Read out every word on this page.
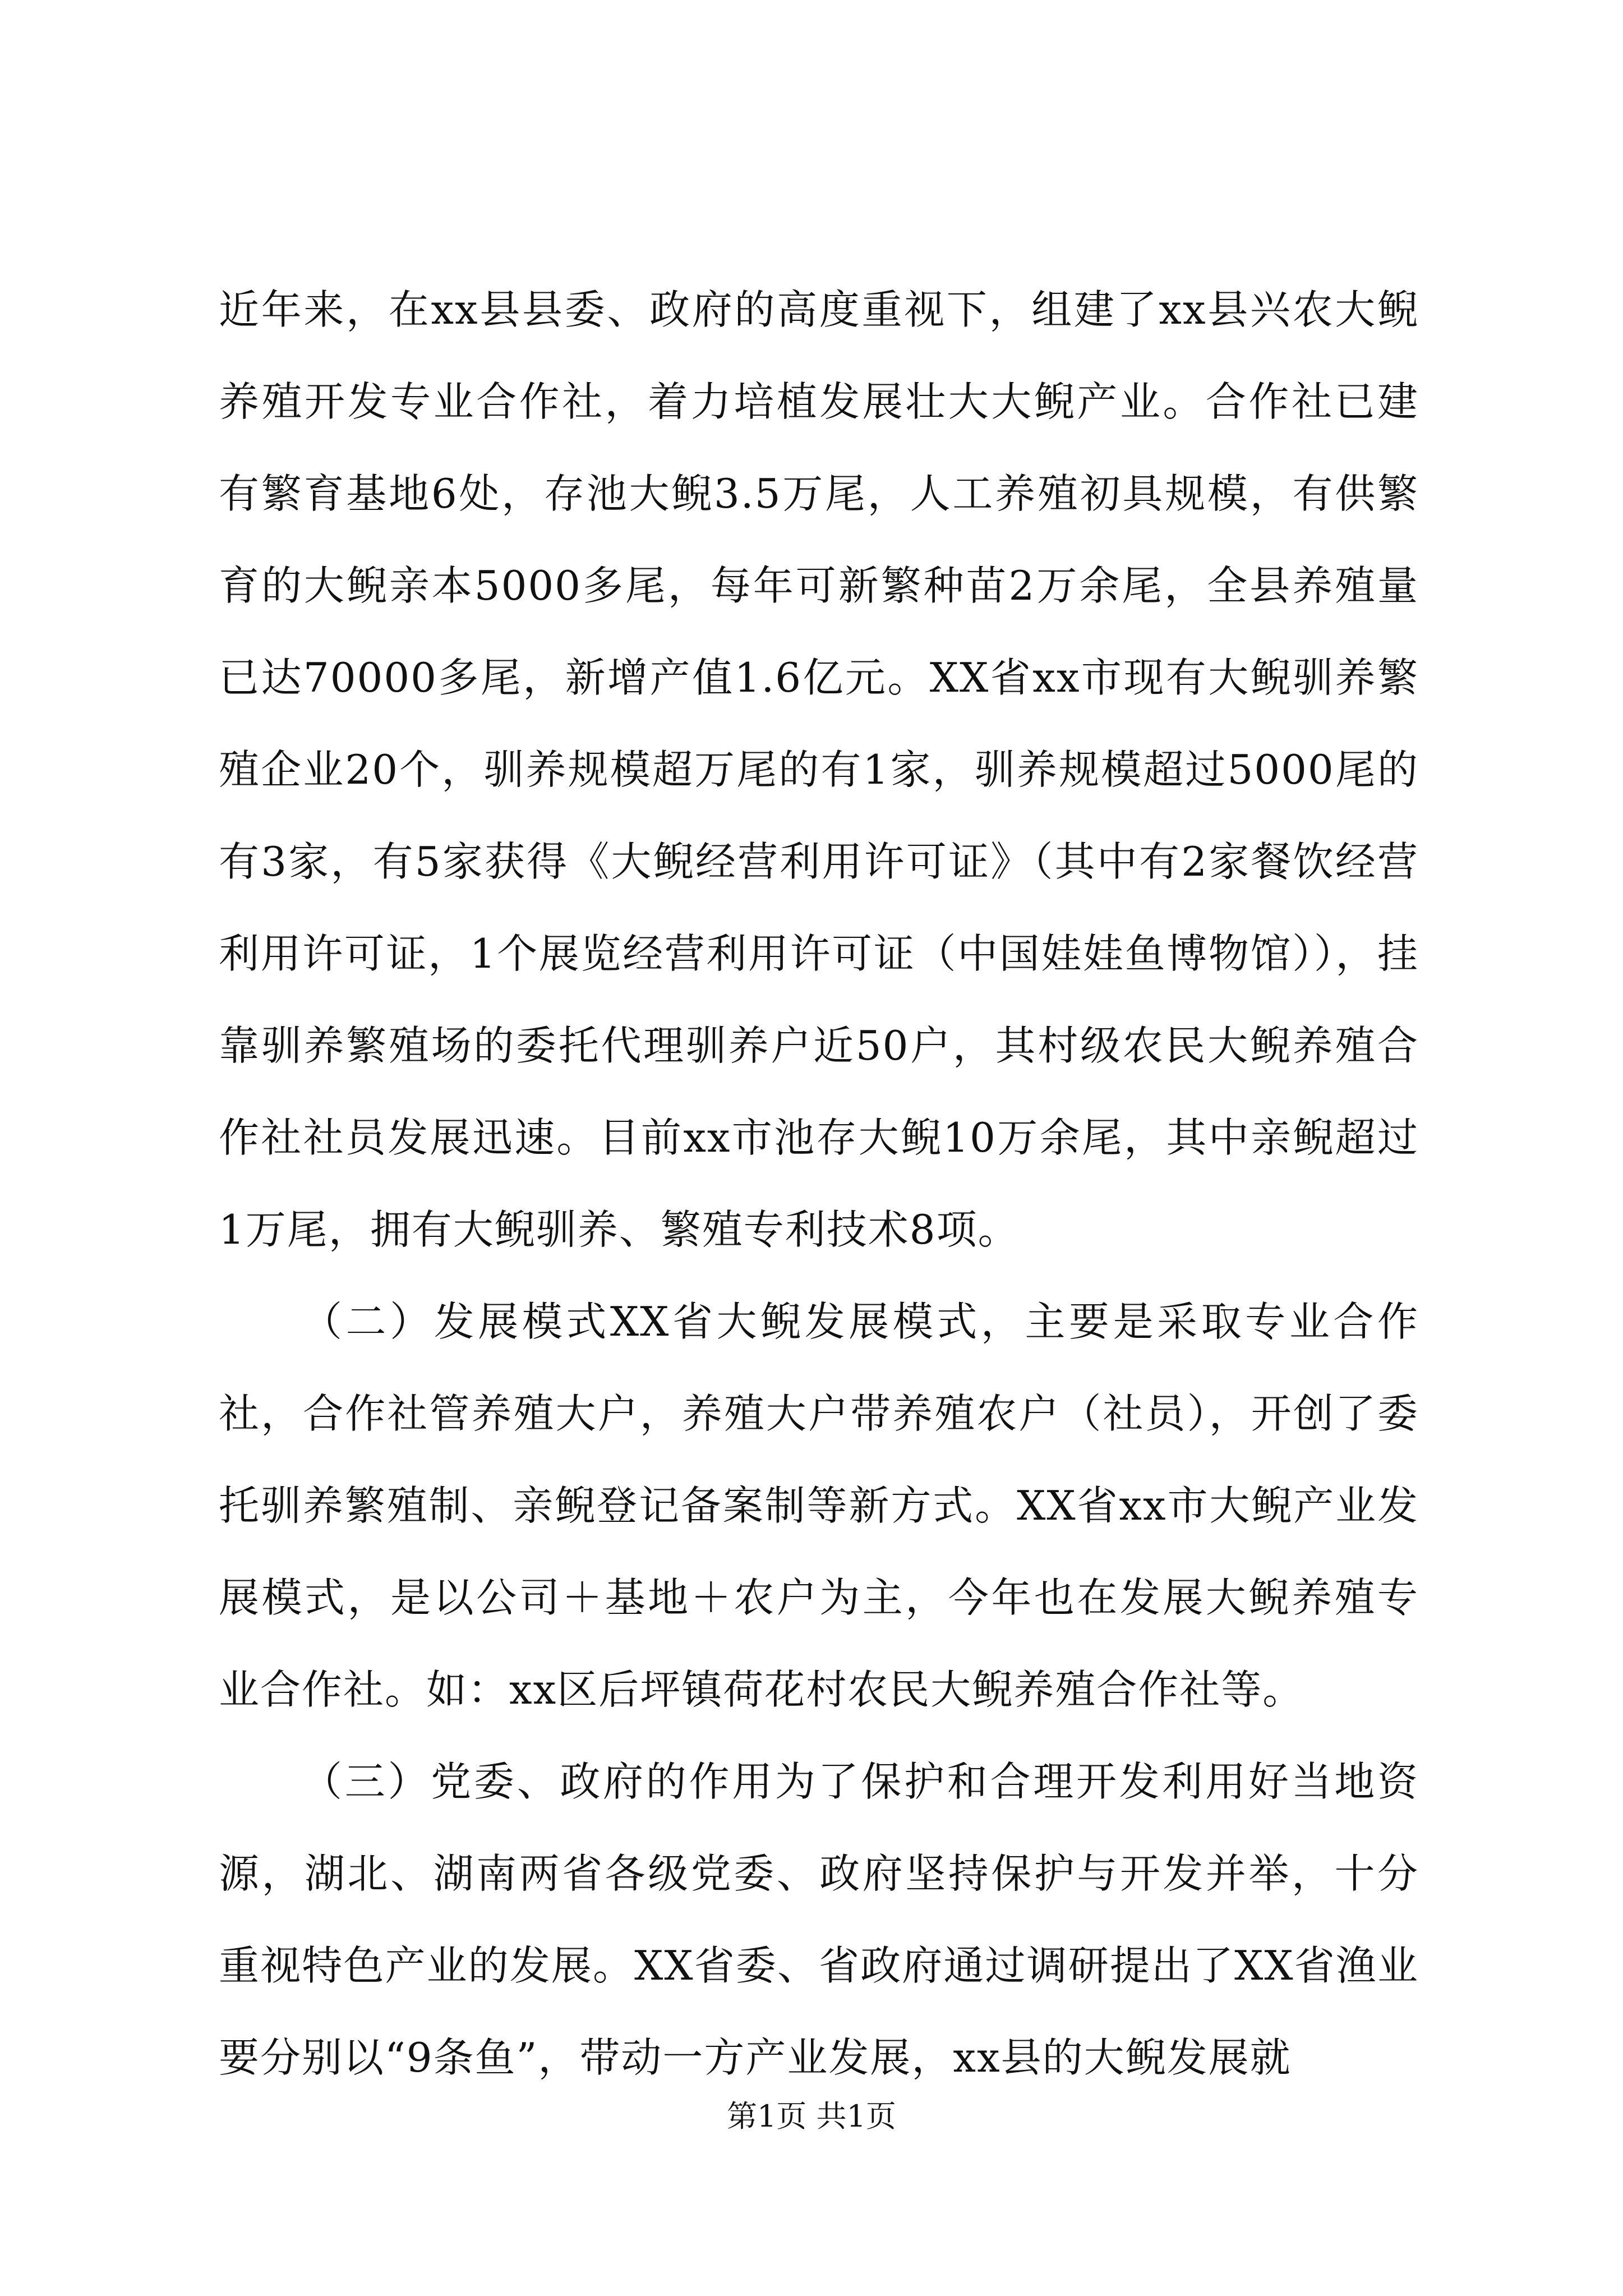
近年来，在xx县县委、政府的高度重视下，组建了xx县兴农大鲵养殖开发专业合作社，着力培植发展壮大大鲵产业。合作社已建有繁育基地6处，存池大鲵3.5万尾，人工养殖初具规模，有供繁育的大鲵亲本5000多尾，每年可新繁种苗2万余尾，全县养殖量已达70000多尾，新增产值1.6亿元。XX省xx市现有大鲵驯养繁殖企业20个，驯养规模超万尾的有1家，驯养规模超过5000尾的有3家，有5家获得《大鲵经营利用许可证》（其中有2家餐饮经营利用许可证，1个展览经营利用许可证（中国娃娃鱼博物馆）），挂靠驯养繁殖场的委托代理驯养户近50户，其村级农民大鲵养殖合作社社员发展迅速。目前xx市池存大鲵10万余尾，其中亲鲵超过1万尾，拥有大鲵驯养、繁殖专利技术8项。

（二）发展模式XX省大鲵发展模式，主要是采取专业合作社，合作社管养殖大户，养殖大户带养殖农户（社员），开创了委托驯养繁殖制、亲鲵登记备案制等新方式。XX省xx市大鲵产业发展模式，是以公司＋基地＋农户为主，今年也在发展大鲵养殖专业合作社。如：xx区后坪镇荷花村农民大鲵养殖合作社等。

（三）党委、政府的作用为了保护和合理开发利用好当地资源，湖北、湖南两省各级党委、政府坚持保护与开发并举，十分重视特色产业的发展。XX省委、省政府通过调研提出了XX省渔业要分别以“9条鱼”，带动一方产业发展，xx县的大鲵发展就

第1页 共1页
